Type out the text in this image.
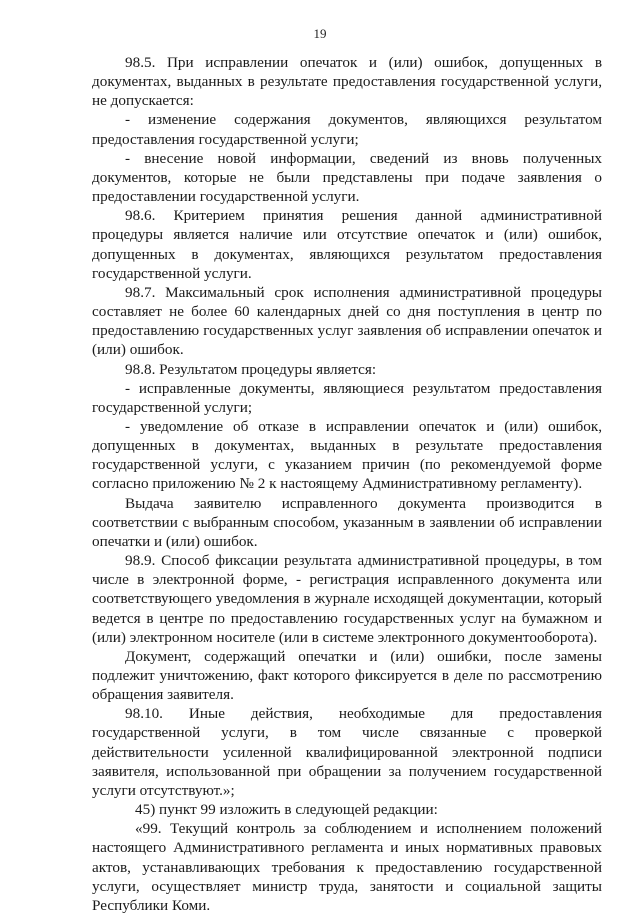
19

98.5. При исправлении опечаток и (или) ошибок, допущенных в документах, выданных в результате предоставления государственной услуги, не допускается:

- изменение содержания документов, являющихся результатом предоставления государственной услуги;

- внесение новой информации, сведений из вновь полученных документов, которые не были представлены при подаче заявления о предоставлении государственной услуги.

98.6. Критерием принятия решения данной административной процедуры является наличие или отсутствие опечаток и (или) ошибок, допущенных в документах, являющихся результатом предоставления государственной услуги.

98.7. Максимальный срок исполнения административной процедуры составляет не более 60 календарных дней со дня поступления в центр по предоставлению государственных услуг заявления об исправлении опечаток и (или) ошибок.

98.8. Результатом процедуры является:

- исправленные документы, являющиеся результатом предоставления государственной услуги;

- уведомление об отказе в исправлении опечаток и (или) ошибок, допущенных в документах, выданных в результате предоставления государственной услуги, с указанием причин (по рекомендуемой форме согласно приложению № 2 к настоящему Административному регламенту).

Выдача заявителю исправленного документа производится в соответствии с выбранным способом, указанным в заявлении об исправлении опечатки и (или) ошибок.

98.9. Способ фиксации результата административной процедуры, в том числе в электронной форме, - регистрация исправленного документа или соответствующего уведомления в журнале исходящей документации, который ведется в центре по предоставлению государственных услуг на бумажном и (или) электронном носителе (или в системе электронного документооборота).

Документ, содержащий опечатки и (или) ошибки, после замены подлежит уничтожению, факт которого фиксируется в деле по рассмотрению обращения заявителя.

98.10. Иные действия, необходимые для предоставления государственной услуги, в том числе связанные с проверкой действительности усиленной квалифицированной электронной подписи заявителя, использованной при обращении за получением государственной услуги отсутствуют.»;

45) пункт 99 изложить в следующей редакции:

«99. Текущий контроль за соблюдением и исполнением положений настоящего Административного регламента и иных нормативных правовых актов, устанавливающих требования к предоставлению государственной услуги, осуществляет министр труда, занятости и социальной защиты Республики Коми.
